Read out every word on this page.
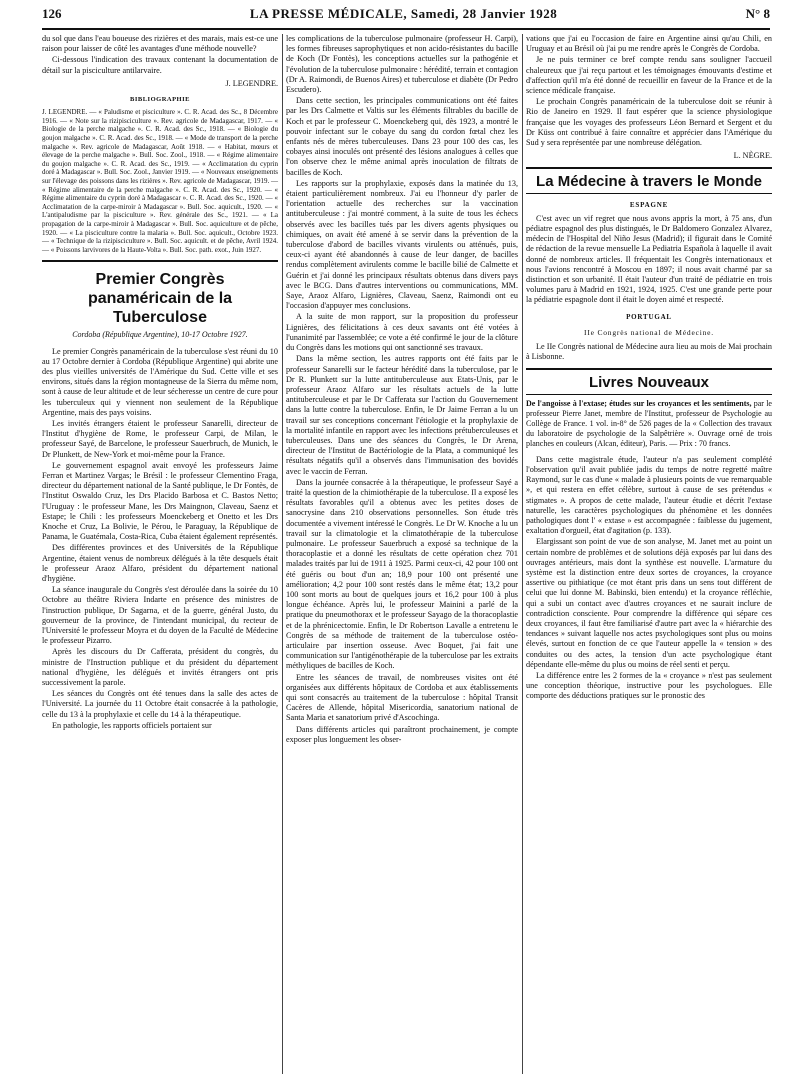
126	LA PRESSE MÉDICALE, Samedi, 28 Janvier 1928	N° 8

du sol que dans l'eau boueuse des rizières et des marais, mais est-ce une raison pour laisser de côté les avantages d'une méthode nouvelle?

Ci-dessous l'indication des travaux contenant la documentation de détail sur la pisciculture antilarvaire.

J. LEGENDRE.

BIBLIOGRAPHIE

J. LEGENDRE. — « Paludisme et pisciculture ». C. R. Acad. des Sc., 8 Décembre 1916. — « Note sur la rizipisciculture ». Rev. agricole de Madagascar, 1917. — « Biologie de la perche malgache ». C. R. Acad. des Sc., 1918. — « Biologie du goujon malgache ». C. R. Acad. des Sc., 1918. — « Mode de transport de la perche malgache ». Rev. agricole de Madagascar, Août 1918. — « Habitat, mœurs et élevage de la perche malgache ». Bull. Soc. Zool., 1918. — « Régime alimentaire du goujon malgache ». C. R. Acad. des Sc., 1919. — « Acclimatation du cyprin doré à Madagascar ». Bull. Soc. Zool., Janvier 1919. — « Nouveaux enseignements sur l'élevage des poissons dans les rizières ». Rev. agricole de Madagascar, 1919. — « Régime alimentaire de la perche malgache ». C. R. Acad. des Sc., 1920. — « Régime alimentaire du cyprin doré à Madagascar ». C. R. Acad. des Sc., 1920. — « Acclimatation de la carpe-miroir à Madagascar ». Bull. Soc. aquicult., 1920. — « L'antipaludisme par la pisciculture ». Rev. générale des Sc., 1921. — « La propagation de la carpe-miroir à Madagascar ». Bull. Soc. aquiculture et de pêche, 1920. — « La pisciculture contre la malaria ». Bull. Soc. aquicult., Octobre 1923. — « Technique de la rizipisciculture ». Bull. Soc. aquicult. et de pêche, Avril 1924. — « Poissons larvivores de la Haute-Volta ». Bull. Soc. path. exot., Juin 1927.

Premier Congrès panaméricain de la Tuberculose

Cordoba (République Argentine), 10-17 Octobre 1927.

Le premier Congrès panaméricain de la tuberculose s'est réuni du 10 au 17 Octobre dernier à Cordoba (République Argentine) qui abrite une des plus vieilles universités de l'Amérique du Sud. Cette ville et ses environs, situés dans la région montagneuse de la Sierra du même nom, sont à cause de leur altitude et de leur sécheresse un centre de cure pour les tuberculeux qui y viennent non seulement de la République Argentine, mais des pays voisins.

Les invités étrangers étaient le professeur Sanarelli, directeur de l'Institut d'hygiène de Rome, le professeur Carpi, de Milan, le professeur Sayé, de Barcelone, le professeur Sauerbruch, de Munich, le Dr Plunkett, de New-York et moi-même pour la France.

Le gouvernement espagnol avait envoyé les professeurs Jaime Ferran et Martinez Vargas; le Brésil : le professeur Clementino Fraga, directeur du département national de la Santé publique, le Dr Fontès, de l'Institut Oswaldo Cruz, les Drs Placido Barbosa et C. Bastos Netto; l'Uruguay : le professeur Mane, les Drs Maingnon, Claveau, Saenz et Estape; le Chili : les professeurs Moenckeberg et Onetto et les Drs Knoche et Cruz, La Bolivie, le Pérou, le Paraguay, la République de Panama, le Guatémala, Costa-Rica, Cuba étaient également représentés.

Des différentes provinces et des Universités de la République Argentine, étaient venus de nombreux délégués à la tête desquels était le professeur Araoz Alfaro, président du département national d'hygiène.

La séance inaugurale du Congrès s'est déroulée dans la soirée du 10 Octobre au théâtre Riviera Indarte en présence des ministres de l'instruction publique, Dr Sagarna, et de la guerre, général Justo, du gouverneur de la province, de l'intendant municipal, du recteur de l'Université le professeur Moyra et du doyen de la Faculté de Médecine le professeur Pizarro.

Après les discours du Dr Cafferata, président du congrès, du ministre de l'Instruction publique et du président du département national d'hygiène, les délégués et invités étrangers ont pris successivement la parole.

Les séances du Congrès ont été tenues dans la salle des actes de l'Université. La journée du 11 Octobre était consacrée à la pathologie, celle du 13 à la prophylaxie et celle du 14 à la thérapeutique.

En pathologie, les rapports officiels portaient sur

les complications de la tuberculose pulmonaire (professeur H. Carpi), les formes fibreuses saprophytiques et non acido-résistantes du bacille de Koch (Dr Fontès), les conceptions actuelles sur la pathogénie et l'évolution de la tuberculose pulmonaire : hérédité, terrain et contagion (Dr A. Raimondi, de Buenos Aires) et tuberculose et diabète (Dr Pedro Escudero).

Dans cette section, les principales communications ont été faites par les Drs Calmette et Valtis sur les éléments filtrables du bacille de Koch et par le professeur C. Moenckeberg qui, dès 1923, a montré le pouvoir infectant sur le cobaye du sang du cordon fœtal chez les enfants nés de mères tuberculeuses. Dans 23 pour 100 des cas, les cobayes ainsi inoculés ont présenté des lésions analogues à celles que l'on observe chez le même animal après inoculation de filtrats de bacilles de Koch.

Les rapports sur la prophylaxie, exposés dans la matinée du 13, étaient particulièrement nombreux. J'ai eu l'honneur d'y parler de l'orientation actuelle des recherches sur la vaccination antituberculeuse : j'ai montré comment, à la suite de tous les échecs observés avec les bacilles tués par les divers agents physiques ou chimiques, on avait été amené à se servir dans la prévention de la tuberculose d'abord de bacilles vivants virulents ou atténués, puis, ceux-ci ayant été abandonnés à cause de leur danger, de bacilles rendus complètement avirulents comme le bacille bilié de Calmette et Guérin et j'ai donné les principaux résultats obtenus dans divers pays avec le BCG. Dans d'autres interventions ou communications, MM. Saye, Araoz Alfaro, Lignières, Claveau, Saenz, Raimondi ont eu l'occasion d'appuyer mes conclusions.

A la suite de mon rapport, sur la proposition du professeur Lignières, des félicitations à ces deux savants ont été votées à l'unanimité par l'assemblée; ce vote a été confirmé le jour de la clôture du Congrès dans les motions qui ont sanctionné ses travaux.

Dans la même section, les autres rapports ont été faits par le professeur Sanarelli sur le facteur hérédité dans la tuberculose, par le Dr R. Plunkett sur la lutte antituberculeuse aux Etats-Unis, par le professeur Araoz Alfaro sur les résultats actuels de la lutte antituberculeuse et par le Dr Cafferata sur l'action du Gouvernement dans la lutte contre la tuberculose. Enfin, le Dr Jaime Ferran a lu un travail sur ses conceptions concernant l'étiologie et la prophylaxie de la mortalité infantile en rapport avec les infections prétuberculeuses et tuberculeuses. Dans une des séances du Congrès, le Dr Arena, directeur de l'Institut de Bactériologie de la Plata, a communiqué les résultats négatifs qu'il a observés dans l'immunisation des bovidés avec le vaccin de Ferran.

Dans la journée consacrée à la thérapeutique, le professeur Sayé a traité la question de la chimiothérapie de la tuberculose. Il a exposé les résultats favorables qu'il a obtenus avec les petites doses de sanocrysine dans 210 observations personnelles. Son étude très documentée a vivement intéressé le Congrès. Le Dr W. Knoche a lu un travail sur la climatologie et la climatothérapie de la tuberculose pulmonaire. Le professeur Sauerbruch a exposé sa technique de la thoracoplastie et a donné les résultats de cette opération chez 701 malades traités par lui de 1911 à 1925. Parmi ceux-ci, 42 pour 100 ont été guéris ou bout d'un an; 18,9 pour 100 ont présenté une amélioration; 4,2 pour 100 sont restés dans le même état; 13,2 pour 100 sont morts au bout de quelques jours et 16,2 pour 100 à plus longue échéance. Après lui, le professeur Mainini a parlé de la pratique du pneumothorax et le professeur Sayago de la thoracoplastie et de la phrénicectomie. Enfin, le Dr Robertson Lavalle a entretenu le Congrès de sa méthode de traitement de la tuberculose ostéo-articulaire par insertion osseuse. Avec Boquet, j'ai fait une communication sur l'antigénothérapie de la tuberculose par les extraits méthyliques de bacilles de Koch.

Entre les séances de travail, de nombreuses visites ont été organisées aux différents hôpitaux de Cordoba et aux établissements qui sont consacrés au traitement de la tuberculose : hôpital Transit Cacères de Allende, hôpital Misericordia, sanatorium national de Santa Maria et sanatorium privé d'Ascochinga.

Dans différents articles qui paraîtront prochainement, je compte exposer plus longuement les obser-

vations que j'ai eu l'occasion de faire en Argentine ainsi qu'au Chili, en Uruguay et au Brésil où j'ai pu me rendre après le Congrès de Cordoba.

Je ne puis terminer ce bref compte rendu sans souligner l'accueil chaleureux que j'ai reçu partout et les témoignages émouvants d'estime et d'affection qu'il m'a été donné de recueillir en faveur de la France et de la science médicale française.

Le prochain Congrès panaméricain de la tuberculose doit se réunir à Rio de Janeiro en 1929. Il faut espérer que la science physiologique française que les voyages des professeurs Léon Bernard et Sergent et du Dr Küss ont contribué à faire connaître et apprécier dans l'Amérique du Sud y sera représentée par une nombreuse délégation.

L. NÈGRE.

La Médecine à travers le Monde
ESPAGNE

C'est avec un vif regret que nous avons appris la mort, à 75 ans, d'un pédiatre espagnol des plus distingués, le Dr Baldomero Gonzalez Alvarez, médecin de l'Hospital del Niño Jesus (Madrid); il figurait dans le Comité de rédaction de la revue mensuelle La Pediatria Española à laquelle il avait donné de nombreux articles. Il fréquentait les Congrès internationaux et nous l'avions rencontré à Moscou en 1897; il nous avait charmé par sa distinction et son urbanité. Il était l'auteur d'un traité de pédiatrie en trois volumes paru à Madrid en 1921, 1924, 1925. C'est une grande perte pour la pédiatrie espagnole dont il était le doyen aimé et respecté.

PORTUGAL

IIe Congrès national de Médecine.

Le IIe Congrès national de Médecine aura lieu au mois de Mai prochain à Lisbonne.

Livres Nouveaux

De l'angoisse à l'extase; études sur les croyances et les sentiments, par le professeur Pierre Janet, membre de l'Institut, professeur de Psychologie au Collège de France. 1 vol. in-8° de 526 pages de la « Collection des travaux du laboratoire de psychologie de la Salpêtrière ». Ouvrage orné de trois planches en couleurs (Alcan, éditeur), Paris. — Prix : 70 francs.

Dans cette magistrale étude, l'auteur n'a pas seulement complété l'observation qu'il avait publiée jadis du temps de notre regretté maître Raymond, sur le cas d'une « malade à plusieurs points de vue remarquable », et qui restera en effet célèbre, surtout à cause de ses prétendus « stigmates ». A propos de cette malade, l'auteur étudie et décrit l'extase naturelle, les caractères psychologiques du phénomène et les données pathologiques dont l' « extase » est accompagnée : faiblesse du jugement, exaltation d'orgueil, état d'agitation (p. 133).

Elargissant son point de vue de son analyse, M. Janet met au point un certain nombre de problèmes et de solutions déjà exposés par lui dans des ouvrages antérieurs, mais dont la synthèse est nouvelle. L'armature du système est la distinction entre deux sortes de croyances, la croyance assertive ou pithiatique (ce mot étant pris dans un sens tout différent de celui que lui donne M. Babinski, bien entendu) et la croyance réfléchie, qui a subi un contact avec d'autres croyances et ne saurait inclure de contradiction consciente. Pour comprendre la différence qui sépare ces deux croyances, il faut être familiarisé d'autre part avec la « hiérarchie des tendances » suivant laquelle nos actes psychologiques sont plus ou moins élevés, surtout en fonction de ce que l'auteur appelle la « tension » des conduites ou des actes, la tension d'un acte psychologique étant dépendante elle-même du plus ou moins de réel senti et perçu.

La différence entre les 2 formes de la « croyance » n'est pas seulement une conception théorique, instructive pour les psychologues. Elle comporte des déductions pratiques sur le pronostic des
